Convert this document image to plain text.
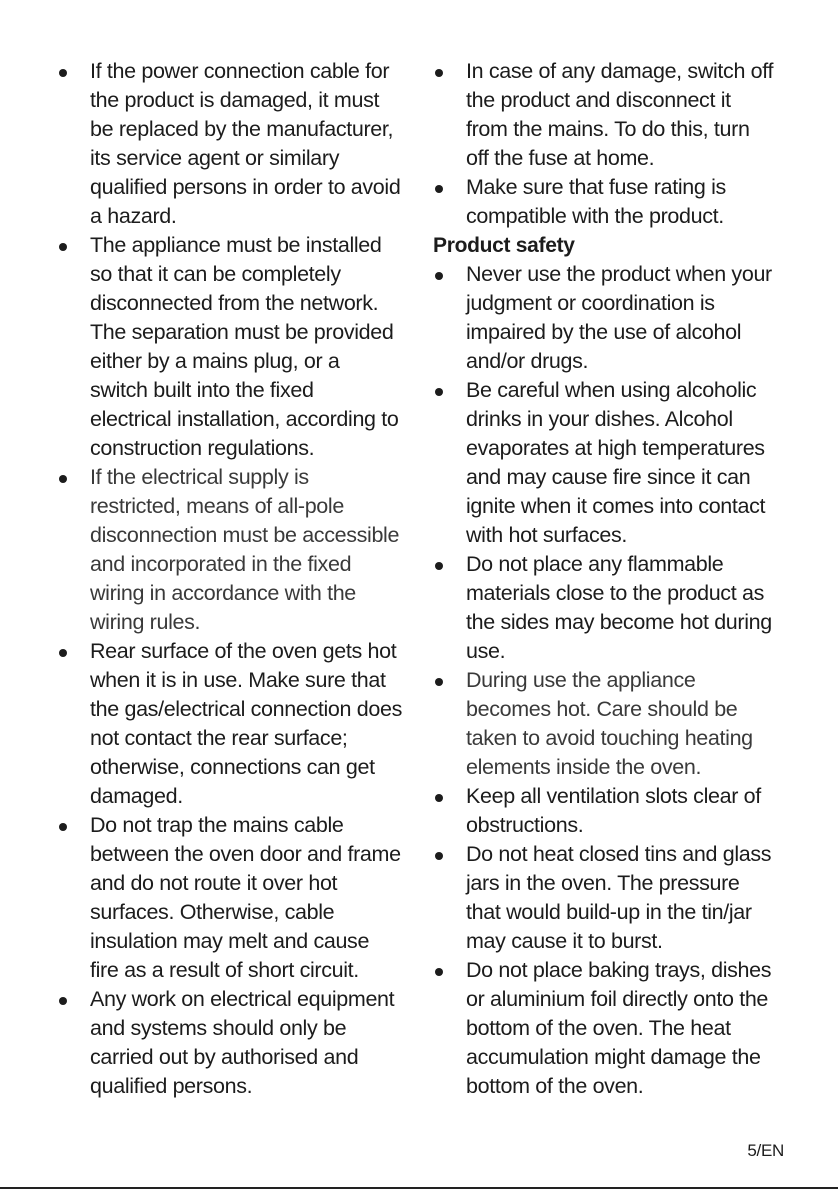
If the power connection cable for
the product is damaged, it must
be replaced by the manufacturer,
its service agent or similary
qualified persons in order to avoid
a hazard.
The appliance must be installed
so that it can be completely
disconnected from the network.
The separation must be provided
either by a mains plug, or a
switch built into the fixed
electrical installation, according to
construction regulations.
If the electrical supply is
restricted, means of all-pole
disconnection must be accessible
and incorporated in the fixed
wiring in accordance with the
wiring rules.
Rear surface of the oven gets hot
when it is in use. Make sure that
the gas/electrical connection does
not contact the rear surface;
otherwise, connections can get
damaged.
Do not trap the mains cable
between the oven door and frame
and do not route it over hot
surfaces. Otherwise, cable
insulation may melt and cause
fire as a result of short circuit.
Any work on electrical equipment
and systems should only be
carried out by authorised and
qualified persons.
In case of any damage, switch off
the product and disconnect it
from the mains. To do this, turn
off the fuse at home.
Make sure that fuse rating is
compatible with the product.
Product safety
Never use the product when your
judgment or coordination is
impaired by the use of alcohol
and/or drugs.
Be careful when using alcoholic
drinks in your dishes. Alcohol
evaporates at high temperatures
and may cause fire since it can
ignite when it comes into contact
with hot surfaces.
Do not place any flammable
materials close to the product as
the sides may become hot during
use.
During use the appliance
becomes hot. Care should be
taken to avoid touching heating
elements inside the oven.
Keep all ventilation slots clear of
obstructions.
Do not heat closed tins and glass
jars in the oven. The pressure
that would build-up in the tin/jar
may cause it to burst.
Do not place baking trays, dishes
or aluminium foil directly onto the
bottom of the oven. The heat
accumulation might damage the
bottom of the oven.
5/EN
